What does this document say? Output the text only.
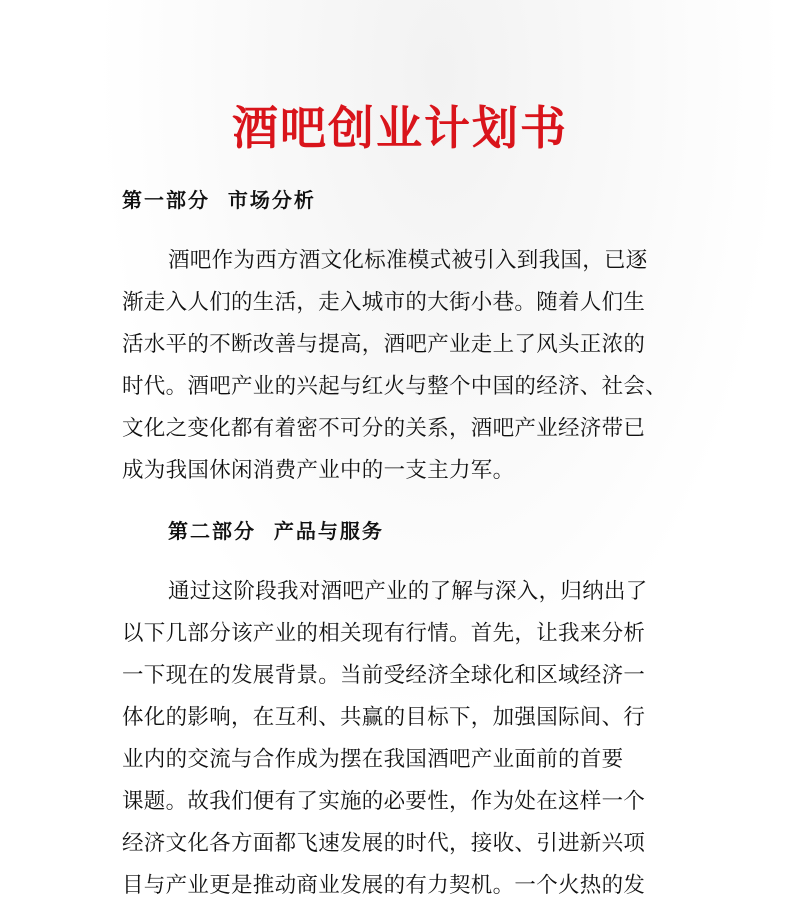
酒吧创业计划书
第一部分  市场分析
酒吧作为西方酒文化标准模式被引入到我国，已逐
渐走入人们的生活，走入城市的大街小巷。随着人们生
活水平的不断改善与提高，酒吧产业走上了风头正浓的
时代。酒吧产业的兴起与红火与整个中国的经济、社会、
文化之变化都有着密不可分的关系，酒吧产业经济带已
成为我国休闲消费产业中的一支主力军。
第二部分  产品与服务
通过这阶段我对酒吧产业的了解与深入，归纳出了
以下几部分该产业的相关现有行情。首先，让我来分析
一下现在的发展背景。当前受经济全球化和区域经济一
体化的影响，在互利、共赢的目标下，加强国际间、行
业内的交流与合作成为摆在我国酒吧产业面前的首要
课题。故我们便有了实施的必要性，作为处在这样一个
经济文化各方面都飞速发展的时代，接收、引进新兴项
目与产业更是推动商业发展的有力契机。一个火热的发
